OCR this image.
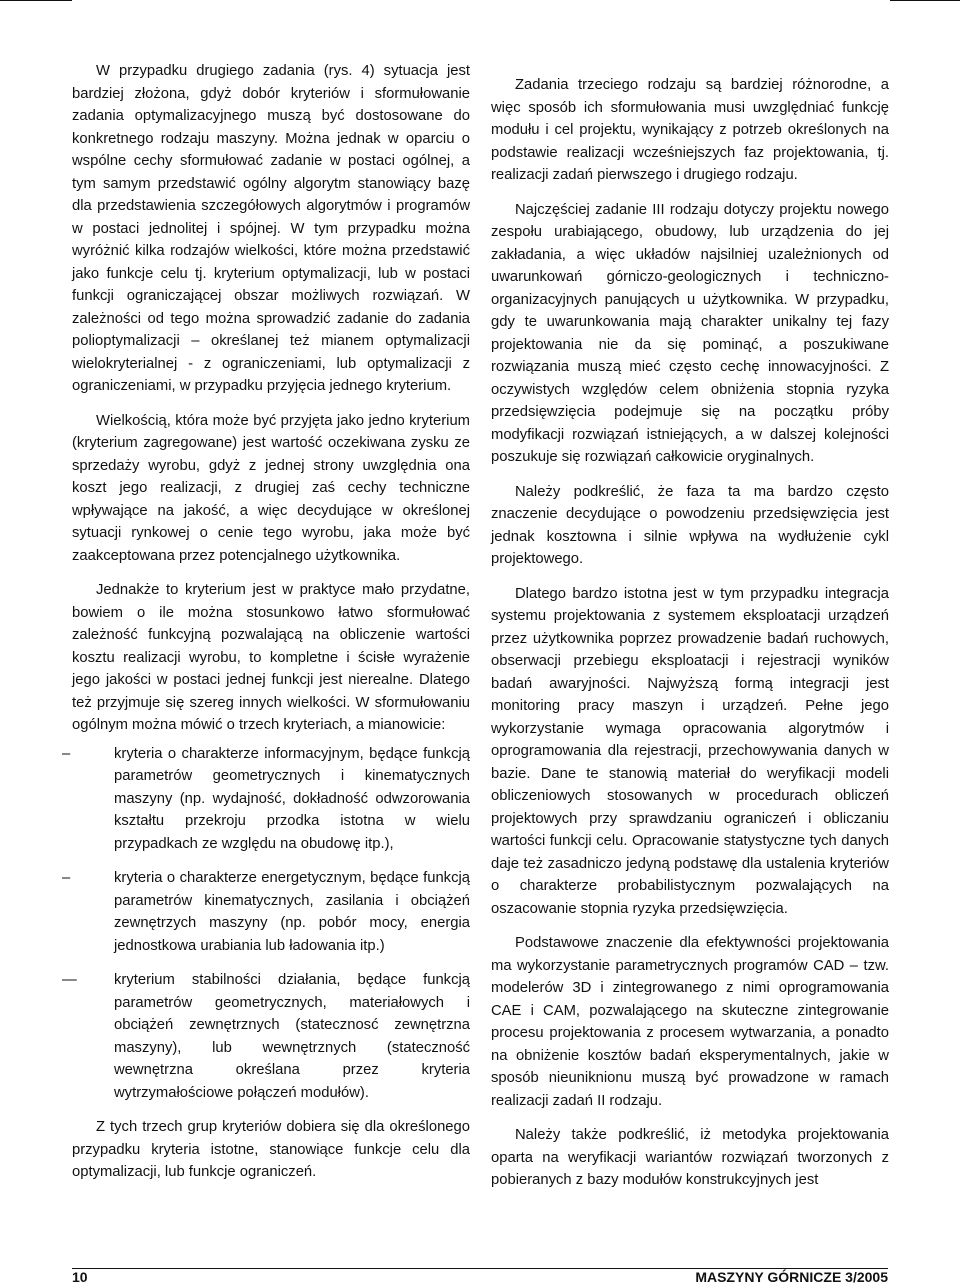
W przypadku drugiego zadania (rys. 4) sytuacja jest bardziej złożona, gdyż dobór kryteriów i sformułowanie zadania optymalizacyjnego muszą być dostosowane do konkretnego rodzaju maszyny. Można jednak w oparciu o wspólne cechy sformułować zadanie w postaci ogólnej, a tym samym przedstawić ogólny algorytm stanowiący bazę dla przedstawienia szczegółowych algorytmów i programów w postaci jednolitej i spójnej. W tym przypadku można wyróżnić kilka rodzajów wielkości, które można przedstawić jako funkcje celu tj. kryterium optymalizacji, lub w postaci funkcji ograniczającej obszar możliwych rozwiązań. W zależności od tego można sprowadzić zadanie do zadania polioptymalizacji – określanej też mianem optymalizacji wielokryterialnej - z ograniczeniami, lub optymalizacji z ograniczeniami, w przypadku przyjęcia jednego kryterium.

Wielkością, która może być przyjęta jako jedno kryterium (kryterium zagregowane) jest wartość oczekiwana zysku ze sprzedaży wyrobu, gdyż z jednej strony uwzględnia ona koszt jego realizacji, z drugiej zaś cechy techniczne wpływające na jakość, a więc decydujące w określonej sytuacji rynkowej o cenie tego wyrobu, jaka może być zaakceptowana przez potencjalnego użytkownika.

Jednakże to kryterium jest w praktyce mało przydatne, bowiem o ile można stosunkowo łatwo sformułować zależność funkcyjną pozwalającą na obliczenie wartości kosztu realizacji wyrobu, to kompletne i ścisłe wyrażenie jego jakości w postaci jednej funkcji jest nierealne. Dlatego też przyjmuje się szereg innych wielkości. W sformułowaniu ogólnym można mówić o trzech kryteriach, a mianowicie:

–	kryteria o charakterze informacyjnym, będące funkcją parametrów geometrycznych i kinematycznych maszyny (np. wydajność, dokładność odwzorowania kształtu przekroju przodka istotna w wielu przypadkach ze względu na obudowę itp.),
–	kryteria o charakterze energetycznym, będące funkcją parametrów kinematycznych, zasilania i obciążeń zewnętrzych maszyny (np. pobór mocy, energia jednostkowa urabiania lub ładowania itp.)
—	kryterium stabilności działania, będące funkcją parametrów geometrycznych, materiałowych i obciążeń zewnętrznych (statecznosć zewnętrzna maszyny), lub wewnętrznych (stateczność wewnętrzna określana przez kryteria wytrzymałościowe połączeń modułów).

Z tych trzech grup kryteriów dobiera się dla określonego przypadku kryteria istotne, stanowiące funkcje celu dla optymalizacji, lub funkcje ograniczeń.

Zadania trzeciego rodzaju są bardziej różnorodne, a więc sposób ich sformułowania musi uwzględniać funkcję modułu i cel projektu, wynikający z potrzeb określonych na podstawie realizacji wcześniejszych faz projektowania, tj. realizacji zadań pierwszego i drugiego rodzaju.

Najczęściej zadanie III rodzaju dotyczy projektu nowego zespołu urabiającego, obudowy, lub urządzenia do jej zakładania, a więc układów najsilniej uzależnionych od uwarunkowań górniczo-geologicznych i techniczno-organizacyjnych panujących u użytkownika. W przypadku, gdy te uwarunkowania mają charakter unikalny tej fazy projektowania nie da się pominąć, a poszukiwane rozwiązania muszą mieć często cechę innowacyjności. Z oczywistych względów celem obniżenia stopnia ryzyka przedsięwzięcia podejmuje się na początku próby modyfikacji rozwiązań istniejących, a w dalszej kolejności poszukuje się rozwiązań całkowicie oryginalnych.

Należy podkreślić, że faza ta ma bardzo często znaczenie decydujące o powodzeniu przedsięwzięcia jest jednak kosztowna i silnie wpływa na wydłużenie cykl projektowego.

Dlatego bardzo istotna jest w tym przypadku integracja systemu projektowania z systemem eksploatacji urządzeń przez użytkownika poprzez prowadzenie badań ruchowych, obserwacji przebiegu eksploatacji i rejestracji wyników badań awaryjności. Najwyższą formą integracji jest monitoring pracy maszyn i urządzeń. Pełne jego wykorzystanie wymaga opracowania algorytmów i oprogramowania dla rejestracji, przechowywania danych w bazie. Dane te stanowią materiał do weryfikacji modeli obliczeniowych stosowanych w procedurach obliczeń projektowych przy sprawdzaniu ograniczeń i obliczaniu wartości funkcji celu. Opracowanie statystyczne tych danych daje też zasadniczo jedyną podstawę dla ustalenia kryteriów o charakterze probabilistycznym pozwalających na oszacowanie stopnia ryzyka przedsięwzięcia.

Podstawowe znaczenie dla efektywności projektowania ma wykorzystanie parametrycznych programów CAD – tzw. modelerów 3D i zintegrowanego z nimi oprogramowania CAE i CAM, pozwalającego na skuteczne zintegrowanie procesu projektowania z procesem wytwarzania, a ponadto na obniżenie kosztów badań eksperymentalnych, jakie w sposób nieuniknionu muszą być prowadzone w ramach realizacji zadań II rodzaju.

Należy także podkreślić, iż metodyka projektowania oparta na weryfikacji wariantów rozwiązań tworzonych z pobieranych z bazy modułów konstrukcyjnych jest

10	MASZYNY GÓRNICZE 3/2005
